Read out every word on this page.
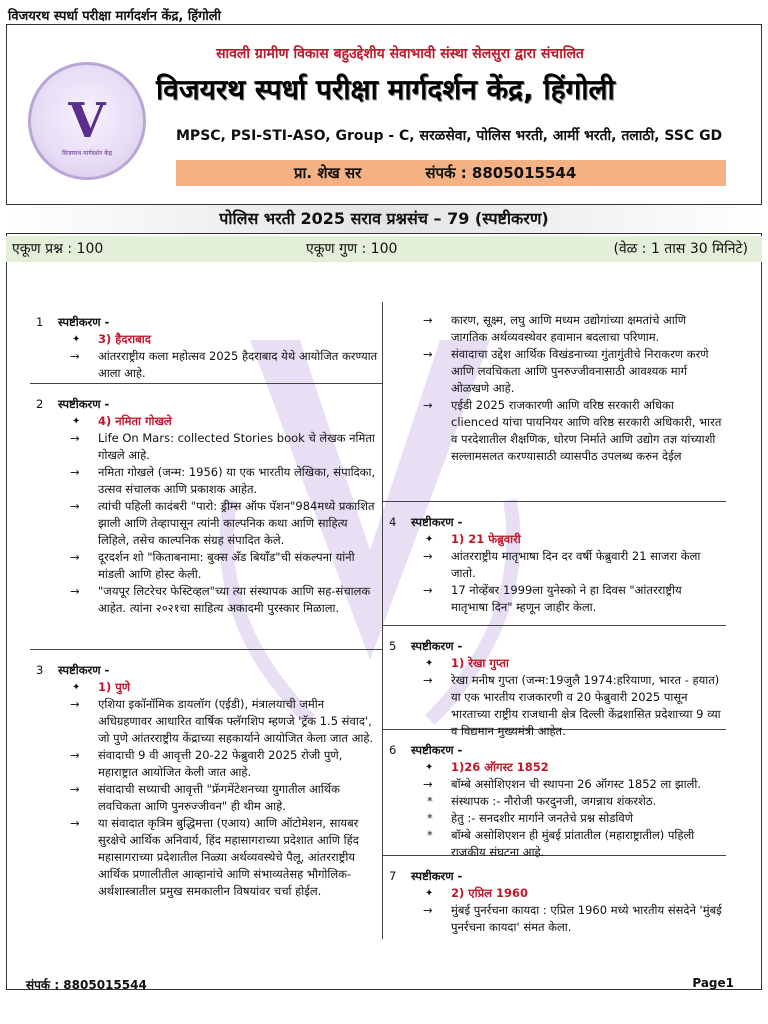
विजयरथ स्पर्धा परीक्षा मार्गदर्शन केंद्र, हिंगोली
सावली ग्रामीण विकास बहुउद्देशीय सेवाभावी संस्था सेलसुरा द्वारा संचालित
V
विजयरथ मार्गदर्शन केंद्र
विजयरथ स्पर्धा परीक्षा मार्गदर्शन केंद्र, हिंगोली
MPSC, PSI-STI-ASO, Group - C, सरळसेवा, पोलिस भरती, आर्मी भरती, तलाठी, SSC GD
प्रा. शेख सर	संपर्क : 8805015544
पोलिस भरती 2025 सराव प्रश्नसंच – 79 (स्पष्टीकरण)
एकूण प्रश्न : 100	एकूण गुण : 100	(वेळ : 1 तास 30 मिनिटे)
1	स्पष्टीकरण -
✦ 3) हैदराबाद
→ आंतरराष्ट्रीय कला महोत्सव 2025 हैदराबाद येथे आयोजित करण्यात आला आहे.
2	स्पष्टीकरण -
✦ 4) नमिता गोखले
→ Life On Mars: collected Stories book चे लेखक नमिता गोखले आहे.
→ नमिता गोखले (जन्म: 1956) या एक भारतीय लेखिका, संपादिका, उत्सव संचालक आणि प्रकाशक आहेत.
→ त्यांची पहिली कादंबरी "पारो: ड्रीम्स ऑफ पॅशन"984मध्ये प्रकाशित झाली आणि तेव्हापासून त्यांनी काल्पनिक कथा आणि साहित्य लिहिले, तसेच काल्पनिक संग्रह संपादित केले.
→ दूरदर्शन शो "किताबनामा: बुक्स अँड बियॉंड"ची संकल्पना यांनी मांडली आणि होस्ट केली.
→ "जयपूर लिटरेचर फेस्टिव्हल"च्या त्या संस्थापक आणि सह-संचालक आहेत. त्यांना २०२१चा साहित्य अकादमी पुरस्कार मिळाला.
3	स्पष्टीकरण -
✦ 1) पुणे
→ एशिया इकॉनॉमिक डायलॉग (एईडी), मंत्रालयाची जमीन अधिग्रहणावर आधारित वार्षिक फ्लॅगशिप म्हणजे 'ट्रॅक 1.5 संवाद', जो पुणे आंतरराष्ट्रीय केंद्राच्या सहकार्याने आयोजित केला जात आहे.
→ संवादाची 9 वी आवृत्ती 20-22 फेब्रुवारी 2025 रोजी पुणे, महाराष्ट्रात आयोजित केली जात आहे.
→ संवादाची सध्याची आवृत्ती "फ्रॅगमेंटेशनच्या युगातील आर्थिक लवचिकता आणि पुनरुज्जीवन" ही थीम आहे.
→ या संवादात कृत्रिम बुद्धिमत्ता (एआय) आणि ऑटोमेशन, सायबर सुरक्षेचे आर्थिक अनिवार्य, हिंद महासागराच्या प्रदेशात आणि हिंद महासागराच्या प्रदेशातील निळ्या अर्थव्यवस्थेचे पैलू, आंतरराष्ट्रीय आर्थिक प्रणालीतील आव्हानांचे आणि संभाव्यतेसह भौगोलिक-अर्थशास्त्रातील प्रमुख समकालीन विषयांवर चर्चा होईल.
→ कारण, सूक्ष्म, लघु आणि मध्यम उद्योगांच्या क्षमतांचे आणि जागतिक अर्थव्यवस्थेवर हवामान बदलाचा परिणाम.
→ संवादाचा उद्देश आर्थिक विखंडनाच्या गुंतागुंतीचे निराकरण करणे आणि लवचिकता आणि पुनरुज्जीवनासाठी आवश्यक मार्ग ओळखणे आहे.
→ एईडी 2025 राजकारणी आणि वरिष्ठ सरकारी अधिका clienced यांचा पायनियर आणि वरिष्ठ सरकारी अधिकारी, भारत व परदेशातील शैक्षणिक, धोरण निर्माते आणि उद्योग तज्ञ यांच्याशी सल्लामसलत करण्यासाठी व्यासपीठ उपलब्ध करुन देईल
4	स्पष्टीकरण -
✦ 1) 21 फेब्रुवारी
→ आंतरराष्ट्रीय मातृभाषा दिन दर वर्षी फेब्रुवारी 21 साजरा केला जातो.
→ 17 नोव्हेंबर 1999ला युनेस्को ने हा दिवस "आंतरराष्ट्रीय मातृभाषा दिन" म्हणून जाहीर केला.
5	स्पष्टीकरण -
✦ 1) रेखा गुप्ता
→ रेखा मनीष गुप्ता (जन्म:19जुलै 1974:हरियाणा, भारत - हयात) या एक भारतीय राजकारणी व 20 फेब्रुवारी 2025 पासून भारताच्या राष्ट्रीय राजधानी क्षेत्र दिल्ली केंद्रशासित प्रदेशाच्या 9 व्या व विद्यमान मुख्यमंत्री आहेत.
6	स्पष्टीकरण -
✦ 1)26 ऑगस्ट 1852
→ बॉम्बे असोशिएशन ची स्थापना 26 ऑगस्ट 1852 ला झाली.
* संस्थापक :- नौरोजी फरदुनजी, जगन्नाथ शंकरशेठ.
* हेतु :- सनदशीर मार्गाने जनतेचे प्रश्न सोडविणे
* बॉम्बे असोशिएशन ही मुंबई प्रांतातील (महाराष्ट्रातील) पहिली राजकीय संघटना आहे.
7	स्पष्टीकरण -
✦ 2) एप्रिल 1960
→ मुंबई पुनर्रचना कायदा : एप्रिल 1960 मध्ये भारतीय संसदेने 'मुंबई पुनर्रचना कायदा' संमत केला.
संपर्क : 8805015544	Page1
